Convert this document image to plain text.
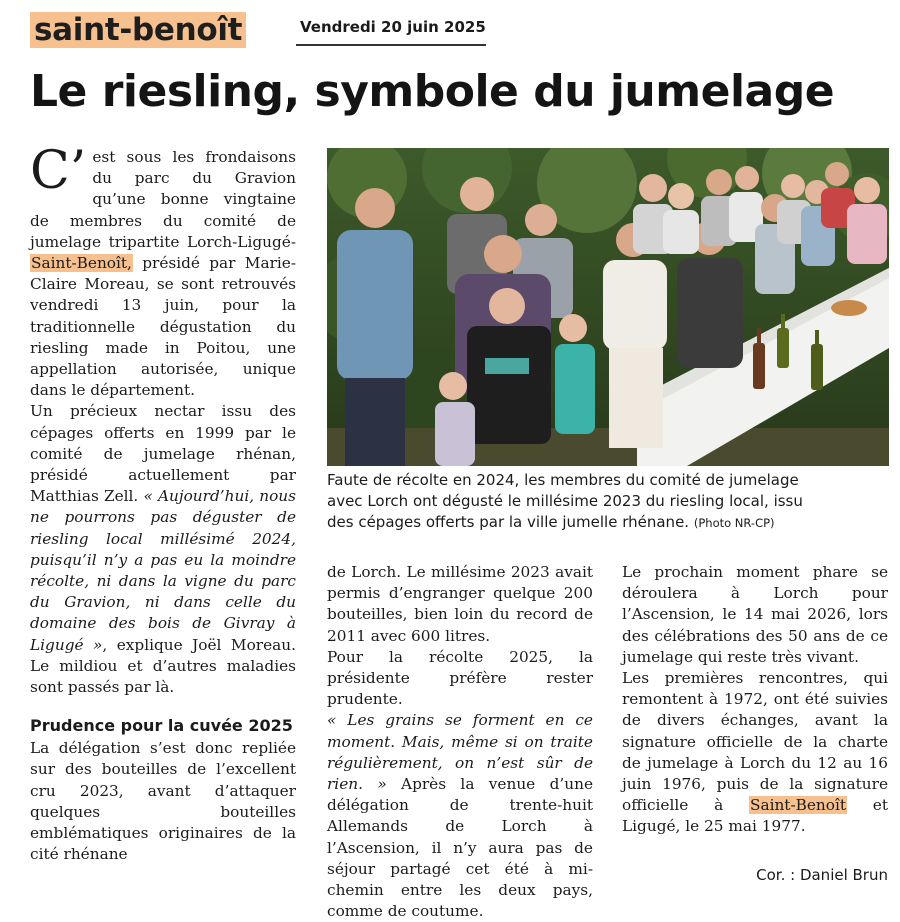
saint-benoît	Vendredi 20 juin 2025
Le riesling, symbole du jumelage

C’ est sous les frondaisons du parc du Gravion qu’une bonne vingtaine de membres du comité de jumelage tripartite Lorch-Ligugé-Saint-Benoît, présidé par Marie-Claire Moreau, se sont retrouvés vendredi 13 juin, pour la traditionnelle dégustation du riesling made in Poitou, une appellation autorisée, unique dans le département.

Un précieux nectar issu des cépages offerts en 1999 par le comité de jumelage rhénan, présidé actuellement par Matthias Zell. « Aujourd’hui, nous ne pourrons pas déguster de riesling local millésimé 2024, puisqu’il n’y a pas eu la moindre récolte, ni dans la vigne du parc du Gravion, ni dans celle du domaine des bois de Givray à Ligugé », explique Joël Moreau. Le mildiou et d’autres maladies sont passés par là.

Prudence pour la cuvée 2025

La délégation s’est donc repliée sur des bouteilles de l’excellent cru 2023, avant d’attaquer quelques bouteilles emblématiques originaires de la cité rhénane

Faute de récolte en 2024, les membres du comité de jumelage
avec Lorch ont dégusté le millésime 2023 du riesling local, issu
des cépages offerts par la ville jumelle rhénane. (Photo NR-CP)

de Lorch. Le millésime 2023 avait permis d’engranger quelque 200 bouteilles, bien loin du record de 2011 avec 600 litres.

Pour la récolte 2025, la présidente préfère rester prudente.

« Les grains se forment en ce moment. Mais, même si on traite régulièrement, on n’est sûr de rien. » Après la venue d’une délégation de trente-huit Allemands de Lorch à l’Ascension, il n’y aura pas de séjour partagé cet été à mi-chemin entre les deux pays, comme de coutume.

Le prochain moment phare se déroulera à Lorch pour l’Ascension, le 14 mai 2026, lors des célébrations des 50 ans de ce jumelage qui reste très vivant.

Les premières rencontres, qui remontent à 1972, ont été suivies de divers échanges, avant la signature officielle de la charte de jumelage à Lorch du 12 au 16 juin 1976, puis de la signature officielle à Saint-Benoît et Ligugé, le 25 mai 1977.

Cor. : Daniel Brun
